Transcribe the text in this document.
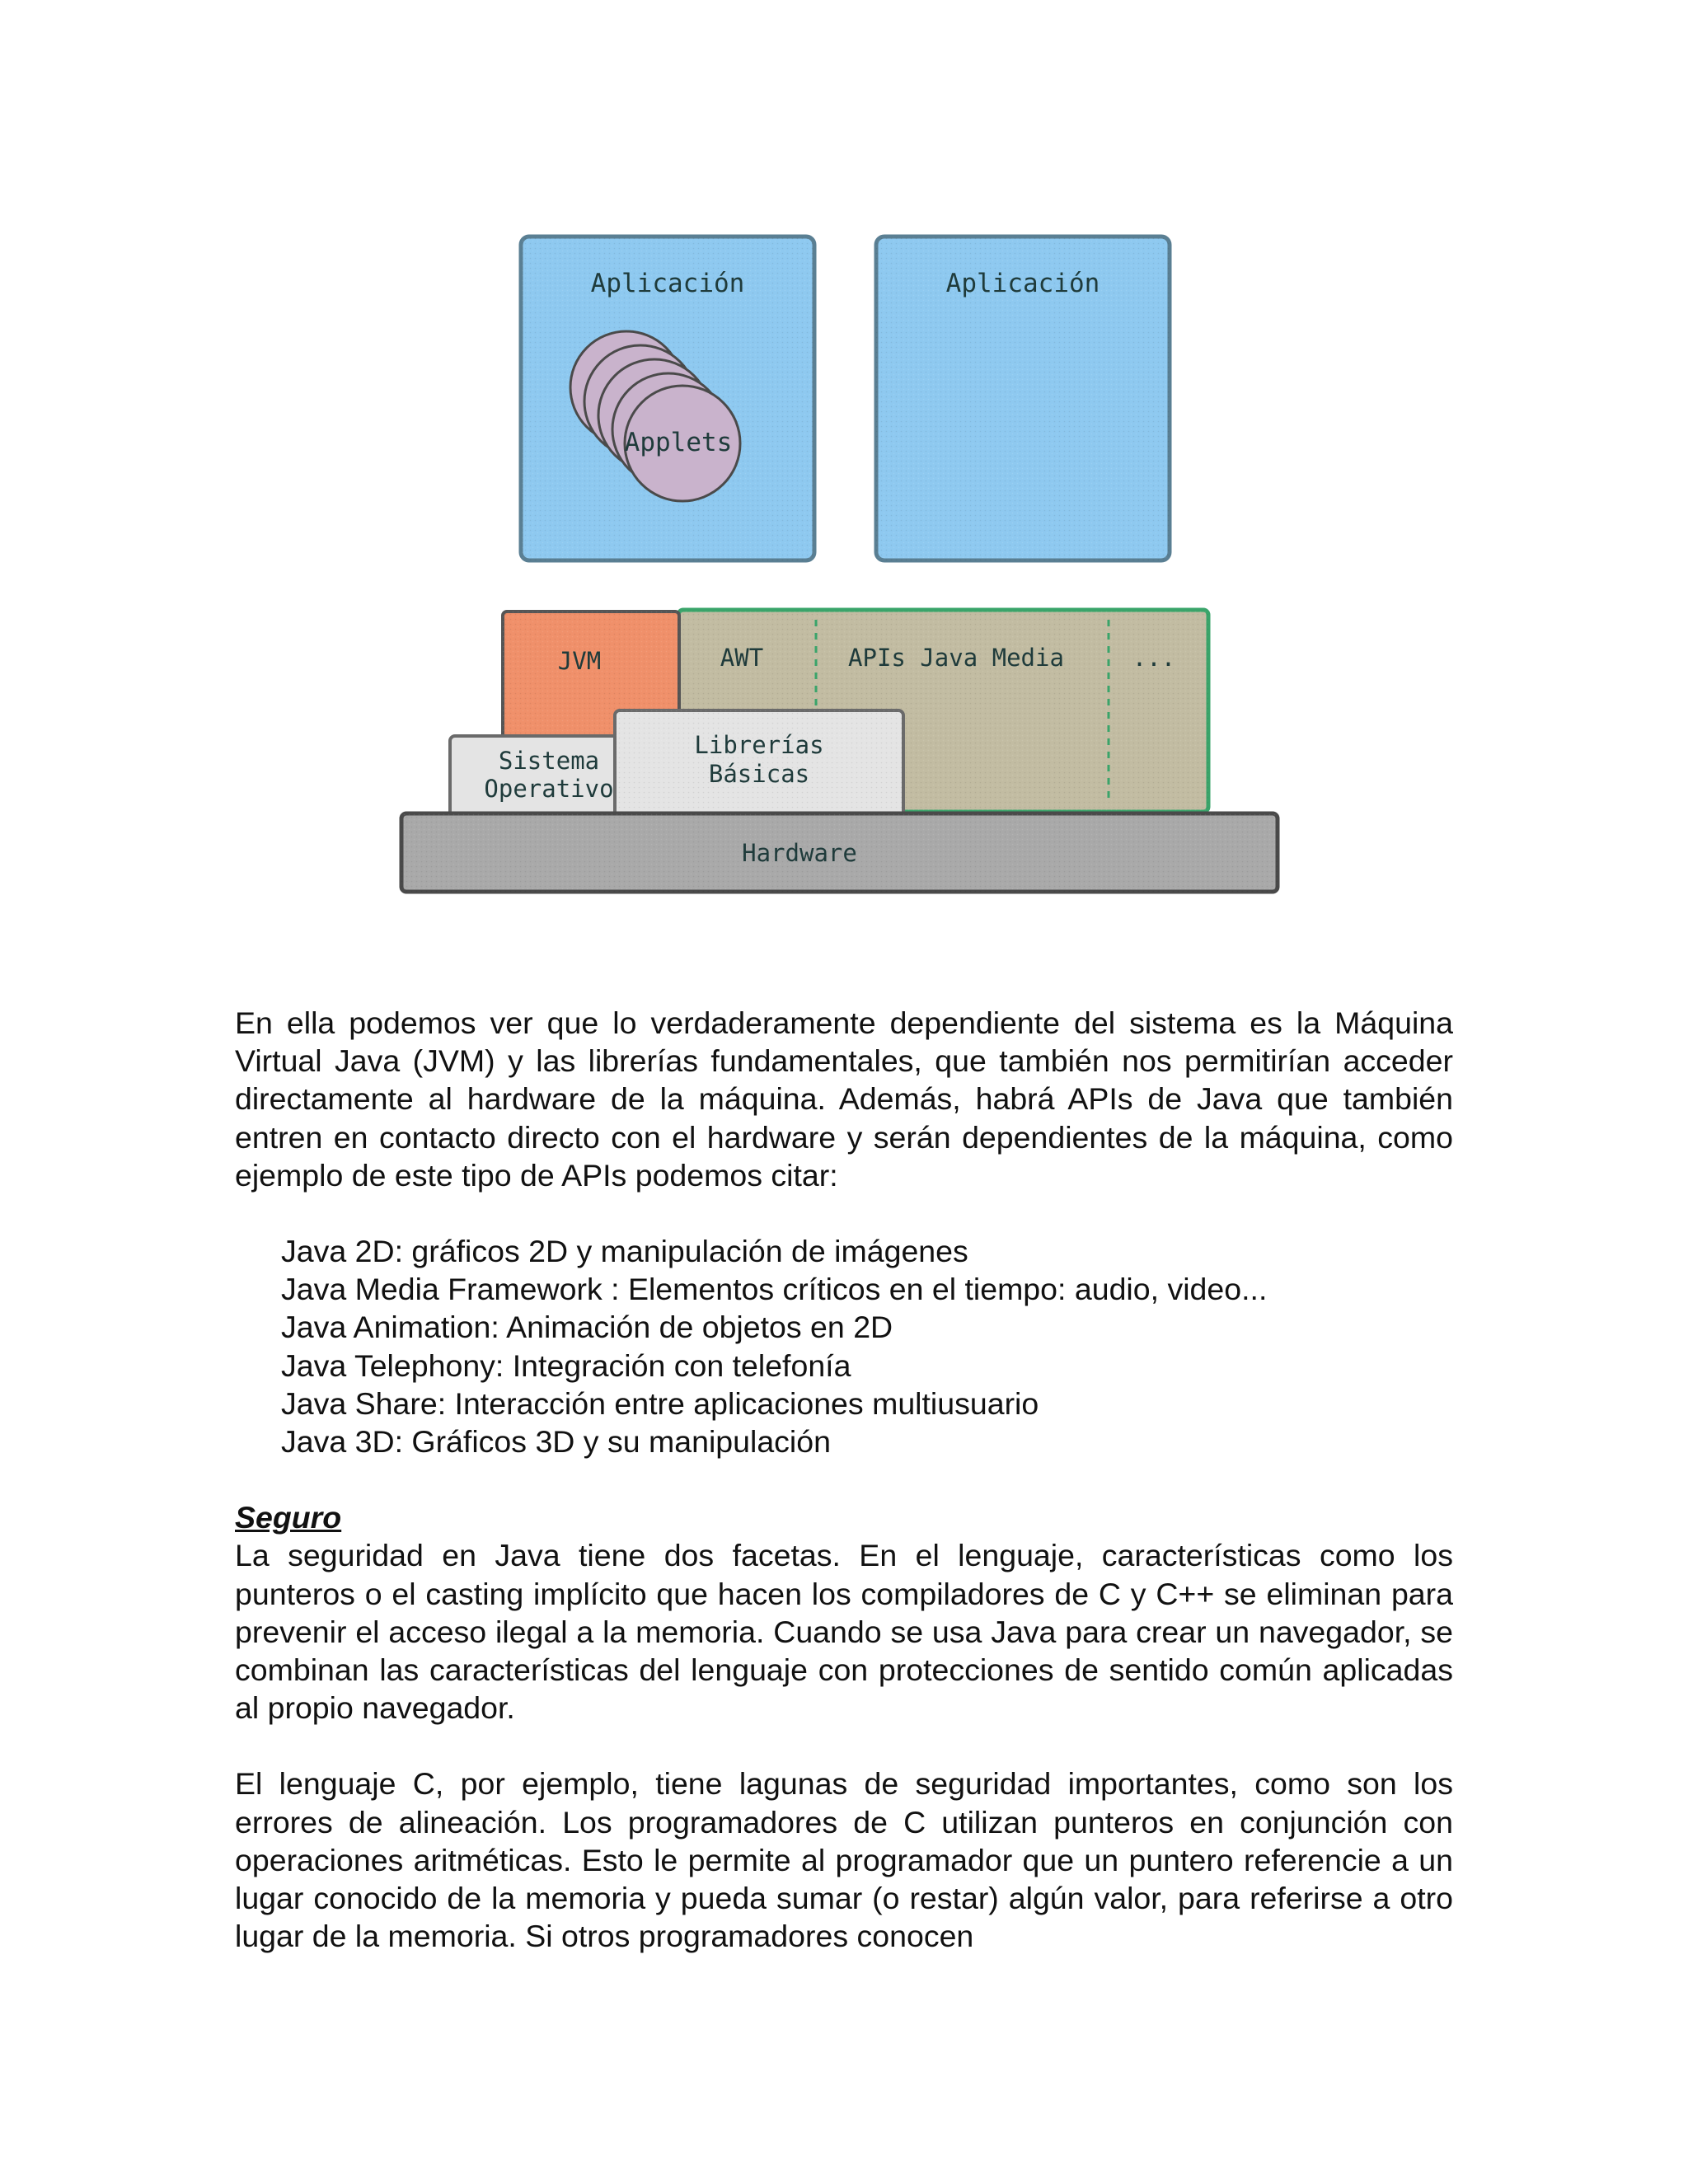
Aplicación
Applets
Aplicación
AWT	APIs Java Media	...
JVM
Sistema
Operativo
Librerías
Básicas
Hardware

En ella podemos ver que lo verdaderamente dependiente del sistema es la Máquina Virtual Java (JVM) y las librerías fundamentales, que también nos permitirían acceder directamente al hardware de la máquina. Además, habrá APIs de Java que también entren en contacto directo con el hardware y serán dependientes de la máquina, como ejemplo de este tipo de APIs podemos citar:

Java 2D: gráficos 2D y manipulación de imágenes
Java Media Framework : Elementos críticos en el tiempo: audio, video...
Java Animation: Animación de objetos en 2D
Java Telephony: Integración con telefonía
Java Share: Interacción entre aplicaciones multiusuario
Java 3D: Gráficos 3D y su manipulación
Seguro

La seguridad en Java tiene dos facetas. En el lenguaje, características como los punteros o el casting implícito que hacen los compiladores de C y C++ se eliminan para prevenir el acceso ilegal a la memoria. Cuando se usa Java para crear un navegador, se combinan las características del lenguaje con protecciones de sentido común aplicadas al propio navegador.

El lenguaje C, por ejemplo, tiene lagunas de seguridad importantes, como son los errores de alineación. Los programadores de C utilizan punteros en conjunción con operaciones aritméticas. Esto le permite al programador que un puntero referencie a un lugar conocido de la memoria y pueda sumar (o restar) algún valor, para referirse a otro lugar de la memoria. Si otros programadores conocen
